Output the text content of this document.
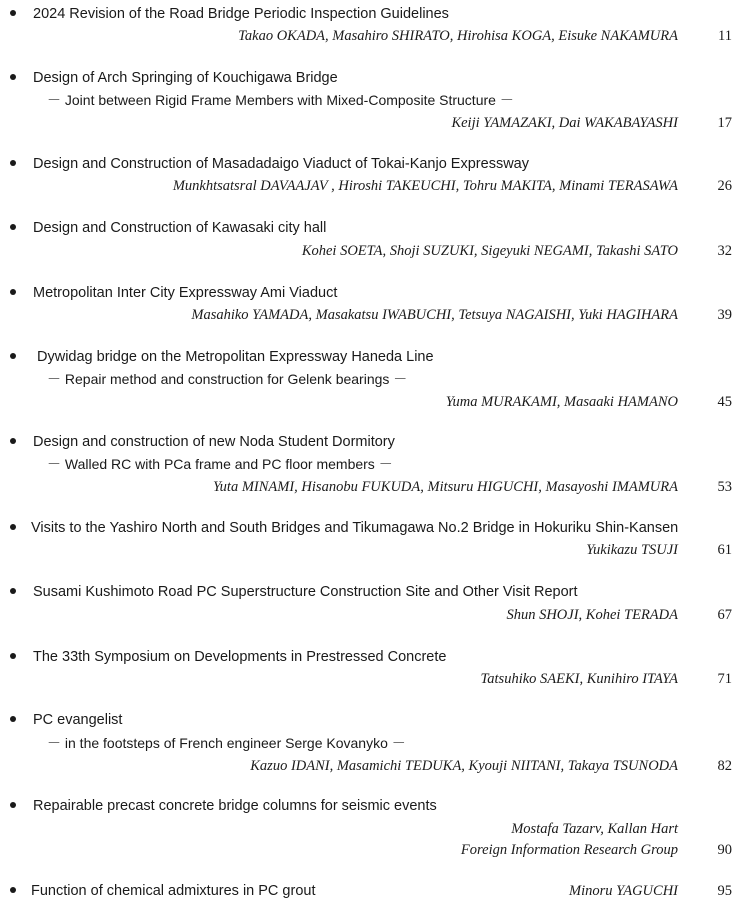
2024 Revision of the Road Bridge Periodic Inspection Guidelines
Takao OKADA, Masahiro SHIRATO, Hirohisa KOGA, Eisuke NAKAMURA	11
Design of Arch Springing of Kouchigawa Bridge
－ Joint between Rigid Frame Members with Mixed-Composite Structure －
Keiji YAMAZAKI, Dai WAKABAYASHI	17
Design and Construction of Masadadaigo Viaduct of Tokai-Kanjo Expressway
Munkhtsatsral DAVAAJAV , Hiroshi TAKEUCHI, Tohru MAKITA, Minami TERASAWA	26
Design and Construction of Kawasaki city hall
Kohei SOETA, Shoji SUZUKI, Sigeyuki NEGAMI, Takashi SATO	32
Metropolitan Inter City Expressway Ami Viaduct
Masahiko YAMADA, Masakatsu IWABUCHI, Tetsuya NAGAISHI, Yuki HAGIHARA	39
Dywidag bridge on the Metropolitan Expressway Haneda Line
－ Repair method and construction for Gelenk bearings －
Yuma MURAKAMI, Masaaki HAMANO	45
Design and construction of new Noda Student Dormitory
－ Walled RC with PCa frame and PC floor members －
Yuta MINAMI, Hisanobu FUKUDA, Mitsuru HIGUCHI, Masayoshi IMAMURA	53
Visits to the Yashiro North and South Bridges and Tikumagawa No.2 Bridge in Hokuriku Shin-Kansen
Yukikazu TSUJI	61
Susami Kushimoto Road PC Superstructure Construction Site and Other Visit Report
Shun SHOJI, Kohei TERADA	67
The 33th Symposium on Developments in Prestressed Concrete
Tatsuhiko SAEKI, Kunihiro ITAYA	71
PC evangelist
－ in the footsteps of French engineer Serge Kovanyko －
Kazuo IDANI, Masamichi TEDUKA, Kyouji NIITANI, Takaya TSUNODA	82
Repairable precast concrete bridge columns for seismic events
Mostafa Tazarv, Kallan Hart
Foreign Information Research Group	90
Function of chemical admixtures in PC grout	Minoru YAGUCHI	95
